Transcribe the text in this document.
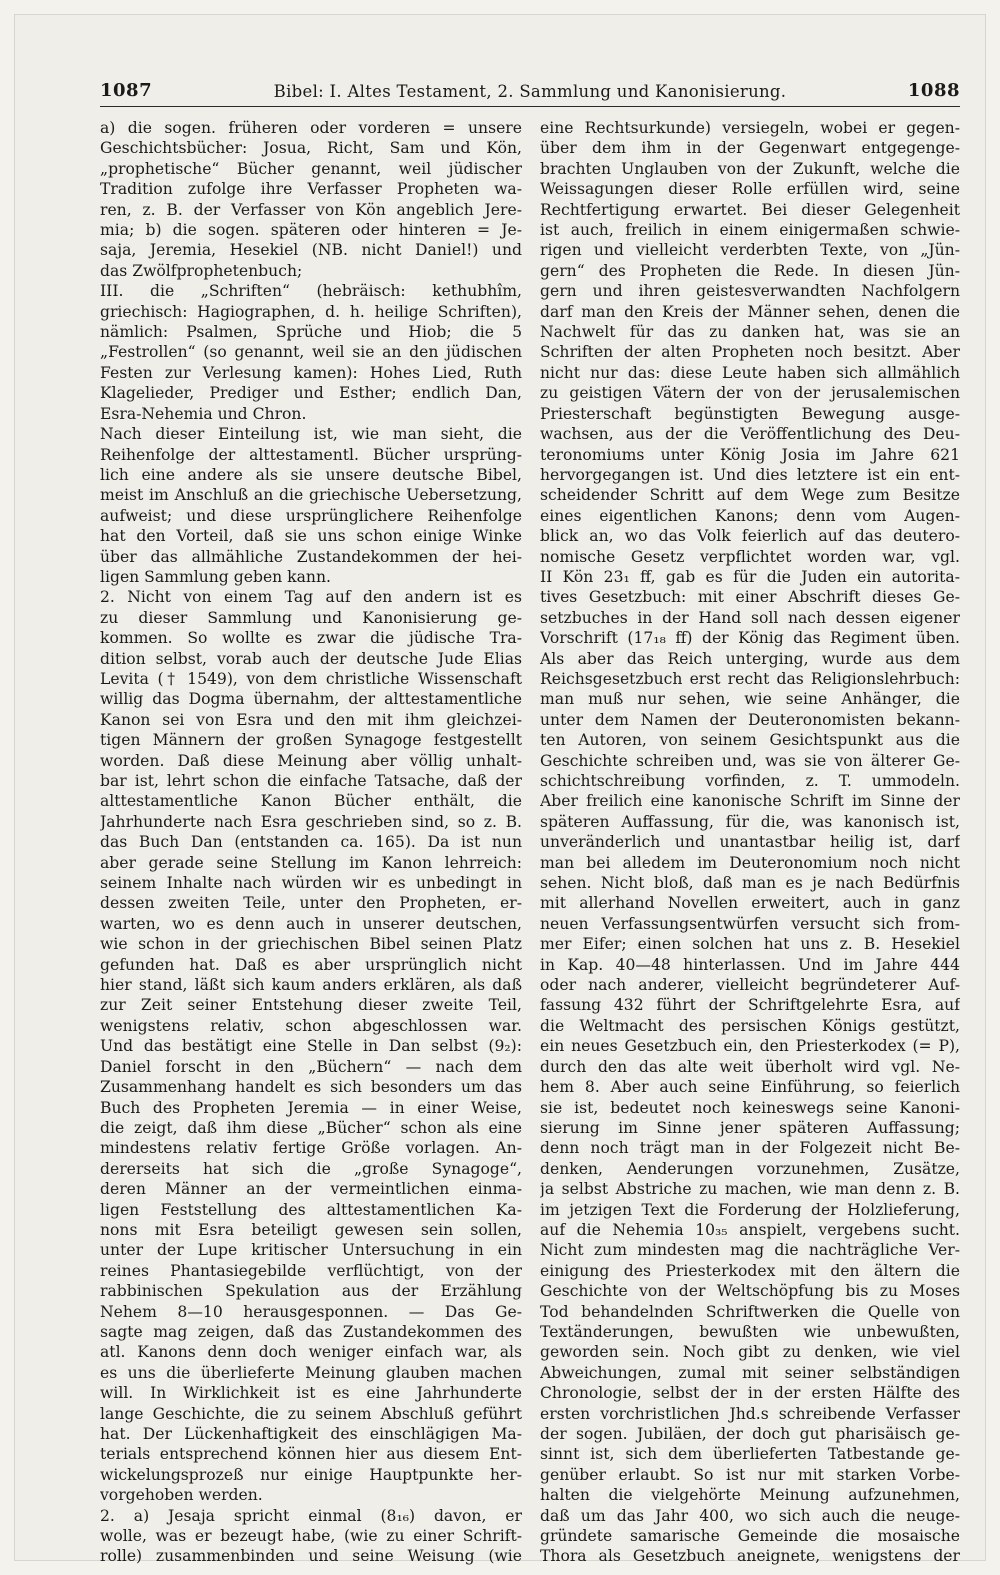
1087	Bibel: I. Altes Testament, 2. Sammlung und Kanonisierung.	1088
a) die sogen. früheren oder vorderen = unsere
Geschichtsbücher: Josua, Richt, Sam und Kön,
„prophetische“ Bücher genannt, weil jüdischer
Tradition zufolge ihre Verfasser Propheten wa-
ren, z. B. der Verfasser von Kön angeblich Jere-
mia; b) die sogen. späteren oder hinteren = Je-
saja, Jeremia, Hesekiel (NB. nicht Daniel!) und
das Zwölfprophetenbuch;
III. die „Schriften“ (hebräisch: kethubhîm,
griechisch: Hagiographen, d. h. heilige Schriften),
nämlich: Psalmen, Sprüche und Hiob; die 5
„Festrollen“ (so genannt, weil sie an den jüdischen
Festen zur Verlesung kamen): Hohes Lied, Ruth
Klagelieder, Prediger und Esther; endlich Dan,
Esra-Nehemia und Chron.
Nach dieser Einteilung ist, wie man sieht, die
Reihenfolge der alttestamentl. Bücher ursprüng-
lich eine andere als sie unsere deutsche Bibel,
meist im Anschluß an die griechische Uebersetzung,
aufweist; und diese ursprünglichere Reihenfolge
hat den Vorteil, daß sie uns schon einige Winke
über das allmähliche Zustandekommen der hei-
ligen Sammlung geben kann.
2. Nicht von einem Tag auf den andern ist es
zu dieser Sammlung und Kanonisierung ge-
kommen. So wollte es zwar die jüdische Tra-
dition selbst, vorab auch der deutsche Jude Elias
Levita († 1549), von dem christliche Wissenschaft
willig das Dogma übernahm, der alttestamentliche
Kanon sei von Esra und den mit ihm gleichzei-
tigen Männern der großen Synagoge festgestellt
worden. Daß diese Meinung aber völlig unhalt-
bar ist, lehrt schon die einfache Tatsache, daß der
alttestamentliche Kanon Bücher enthält, die
Jahrhunderte nach Esra geschrieben sind, so z. B.
das Buch Dan (entstanden ca. 165). Da ist nun
aber gerade seine Stellung im Kanon lehrreich:
seinem Inhalte nach würden wir es unbedingt in
dessen zweiten Teile, unter den Propheten, er-
warten, wo es denn auch in unserer deutschen,
wie schon in der griechischen Bibel seinen Platz
gefunden hat. Daß es aber ursprünglich nicht
hier stand, läßt sich kaum anders erklären, als daß
zur Zeit seiner Entstehung dieser zweite Teil,
wenigstens relativ, schon abgeschlossen war.
Und das bestätigt eine Stelle in Dan selbst (9₂):
Daniel forscht in den „Büchern“ — nach dem
Zusammenhang handelt es sich besonders um das
Buch des Propheten Jeremia — in einer Weise,
die zeigt, daß ihm diese „Bücher“ schon als eine
mindestens relativ fertige Größe vorlagen. An-
dererseits hat sich die „große Synagoge“,
deren Männer an der vermeintlichen einma-
ligen Feststellung des alttestamentlichen Ka-
nons mit Esra beteiligt gewesen sein sollen,
unter der Lupe kritischer Untersuchung in ein
reines Phantasiegebilde verflüchtigt, von der
rabbinischen Spekulation aus der Erzählung
Nehem 8—10 herausgesponnen. — Das Ge-
sagte mag zeigen, daß das Zustandekommen des
atl. Kanons denn doch weniger einfach war, als
es uns die überlieferte Meinung glauben machen
will. In Wirklichkeit ist es eine Jahrhunderte
lange Geschichte, die zu seinem Abschluß geführt
hat. Der Lückenhaftigkeit des einschlägigen Ma-
terials entsprechend können hier aus diesem Ent-
wickelungsprozeß nur einige Hauptpunkte her-
vorgehoben werden.
2. a) Jesaja spricht einmal (8₁₆) davon, er
wolle, was er bezeugt habe, (wie zu einer Schrift-
rolle) zusammenbinden und seine Weisung (wie
eine Rechtsurkunde) versiegeln, wobei er gegen-
über dem ihm in der Gegenwart entgegenge-
brachten Unglauben von der Zukunft, welche die
Weissagungen dieser Rolle erfüllen wird, seine
Rechtfertigung erwartet. Bei dieser Gelegenheit
ist auch, freilich in einem einigermaßen schwie-
rigen und vielleicht verderbten Texte, von „Jün-
gern“ des Propheten die Rede. In diesen Jün-
gern und ihren geistesverwandten Nachfolgern
darf man den Kreis der Männer sehen, denen die
Nachwelt für das zu danken hat, was sie an
Schriften der alten Propheten noch besitzt. Aber
nicht nur das: diese Leute haben sich allmählich
zu geistigen Vätern der von der jerusalemischen
Priesterschaft begünstigten Bewegung ausge-
wachsen, aus der die Veröffentlichung des Deu-
teronomiums unter König Josia im Jahre 621
hervorgegangen ist. Und dies letztere ist ein ent-
scheidender Schritt auf dem Wege zum Besitze
eines eigentlichen Kanons; denn vom Augen-
blick an, wo das Volk feierlich auf das deutero-
nomische Gesetz verpflichtet worden war, vgl.
II Kön 23₁ ff, gab es für die Juden ein autorita-
tives Gesetzbuch: mit einer Abschrift dieses Ge-
setzbuches in der Hand soll nach dessen eigener
Vorschrift (17₁₈ ff) der König das Regiment üben.
Als aber das Reich unterging, wurde aus dem
Reichsgesetzbuch erst recht das Religionslehrbuch:
man muß nur sehen, wie seine Anhänger, die
unter dem Namen der Deuteronomisten bekann-
ten Autoren, von seinem Gesichtspunkt aus die
Geschichte schreiben und, was sie von älterer Ge-
schichtschreibung vorfinden, z. T. ummodeln.
Aber freilich eine kanonische Schrift im Sinne der
späteren Auffassung, für die, was kanonisch ist,
unveränderlich und unantastbar heilig ist, darf
man bei alledem im Deuteronomium noch nicht
sehen. Nicht bloß, daß man es je nach Bedürfnis
mit allerhand Novellen erweitert, auch in ganz
neuen Verfassungsentwürfen versucht sich from-
mer Eifer; einen solchen hat uns z. B. Hesekiel
in Kap. 40—48 hinterlassen. Und im Jahre 444
oder nach anderer, vielleicht begründeterer Auf-
fassung 432 führt der Schriftgelehrte Esra, auf
die Weltmacht des persischen Königs gestützt,
ein neues Gesetzbuch ein, den Priesterkodex (= P),
durch den das alte weit überholt wird vgl. Ne-
hem 8. Aber auch seine Einführung, so feierlich
sie ist, bedeutet noch keineswegs seine Kanoni-
sierung im Sinne jener späteren Auffassung;
denn noch trägt man in der Folgezeit nicht Be-
denken, Aenderungen vorzunehmen, Zusätze,
ja selbst Abstriche zu machen, wie man denn z. B.
im jetzigen Text die Forderung der Holzlieferung,
auf die Nehemia 10₃₅ anspielt, vergebens sucht.
Nicht zum mindesten mag die nachträgliche Ver-
einigung des Priesterkodex mit den ältern die
Geschichte von der Weltschöpfung bis zu Moses
Tod behandelnden Schriftwerken die Quelle von
Textänderungen, bewußten wie unbewußten,
geworden sein. Noch gibt zu denken, wie viel
Abweichungen, zumal mit seiner selbständigen
Chronologie, selbst der in der ersten Hälfte des
ersten vorchristlichen Jhd.s schreibende Verfasser
der sogen. Jubiläen, der doch gut pharisäisch ge-
sinnt ist, sich dem überlieferten Tatbestande ge-
genüber erlaubt. So ist nur mit starken Vorbe-
halten die vielgehörte Meinung aufzunehmen,
daß um das Jahr 400, wo sich auch die neuge-
gründete samarische Gemeinde die mosaische
Thora als Gesetzbuch aneignete, wenigstens der
